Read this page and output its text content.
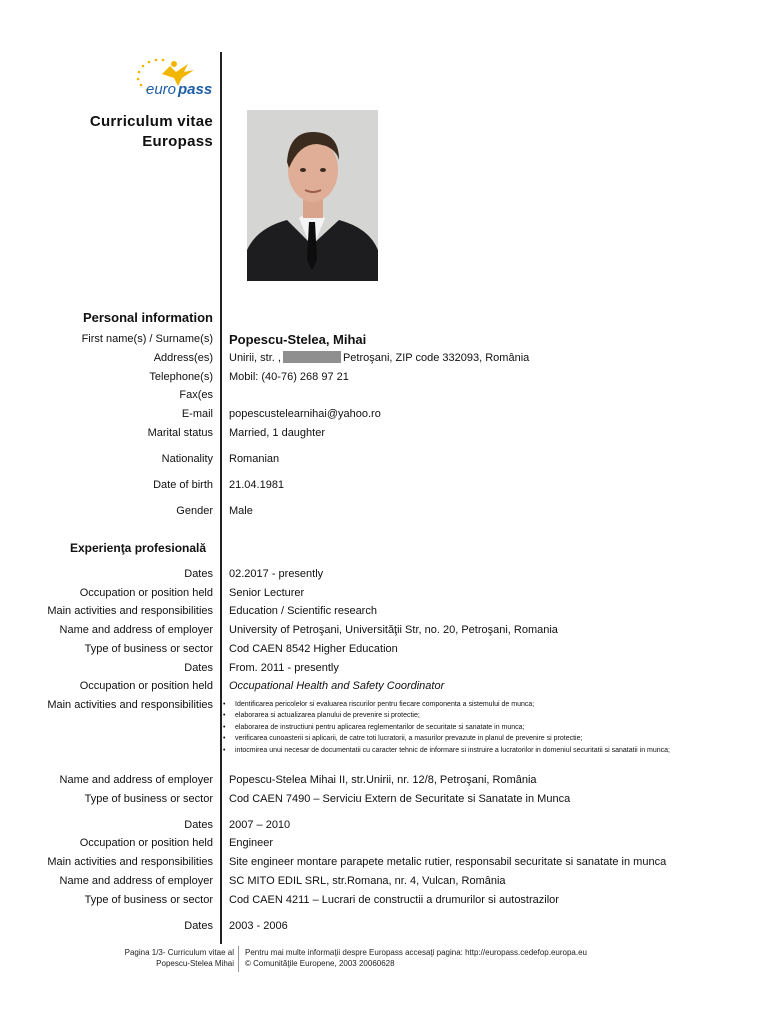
euro pass
Curriculum vitae
Europass
Personal information
First name(s) / Surname(s) Popescu-Stelea, Mihai
Address(es) Unirii, str. ,	Petroşani, ZIP code 332093, România
Telephone(s) Mobil: (40-76) 268 97 21
Fax(es
E-mail popescustelearnihai@yahoo.ro
Marital status Married, 1 daughter
Nationality Romanian
Date of birth 21.04.1981
Gender Male
Experienţa profesională
Dates 02.2017 - presently
Occupation or position held Senior Lecturer
Main activities and responsibilities Education / Scientific research
Name and address of employer University of Petroşani, Universităţii Str, no. 20, Petroşani, Romania
Type of business or sector Cod CAEN 8542 Higher Education
Dates From. 2011 - presently
Occupation or position held Occupational Health and Safety Coordinator
Main activities and responsibilities • Identificarea pericolelor si evaluarea riscurilor pentru fiecare componenta a sistemului de munca;
• elaborarea si actualizarea planului de prevenire si protectie;
• elaborarea de instructiuni pentru aplicarea reglementarilor de securitate si sanatate in munca;
• verificarea cunoasterii si aplicarii, de catre toti lucratorii, a masurilor prevazute in planul de prevenire si protectie;
• intocmirea unui necesar de documentatii cu caracter tehnic de informare si instruire a lucratorilor in domeniul securitatii si sanatatii in munca;
Name and address of employer Popescu-Stelea Mihai II, str.Unirii, nr. 12/8, Petroşani, România
Type of business or sector Cod CAEN 7490 – Serviciu Extern de Securitate si Sanatate in Munca
Dates 2007 – 2010
Occupation or position held Engineer
Main activities and responsibilities Site engineer montare parapete metalic rutier, responsabil securitate si sanatate in munca
Name and address of employer SC MITO EDIL SRL, str.Romana, nr. 4, Vulcan, România
Type of business or sector Cod CAEN 4211 – Lucrari de constructii a drumurilor si autostrazilor
Dates 2003 - 2006
Pagina 1/3- Curriculum vitae al
Popescu-Stelea Mihai
Pentru mai multe informaţii despre Europass accesaţi pagina: http://europass.cedefop.europa.eu
© Comunităţile Europene, 2003 20060628
